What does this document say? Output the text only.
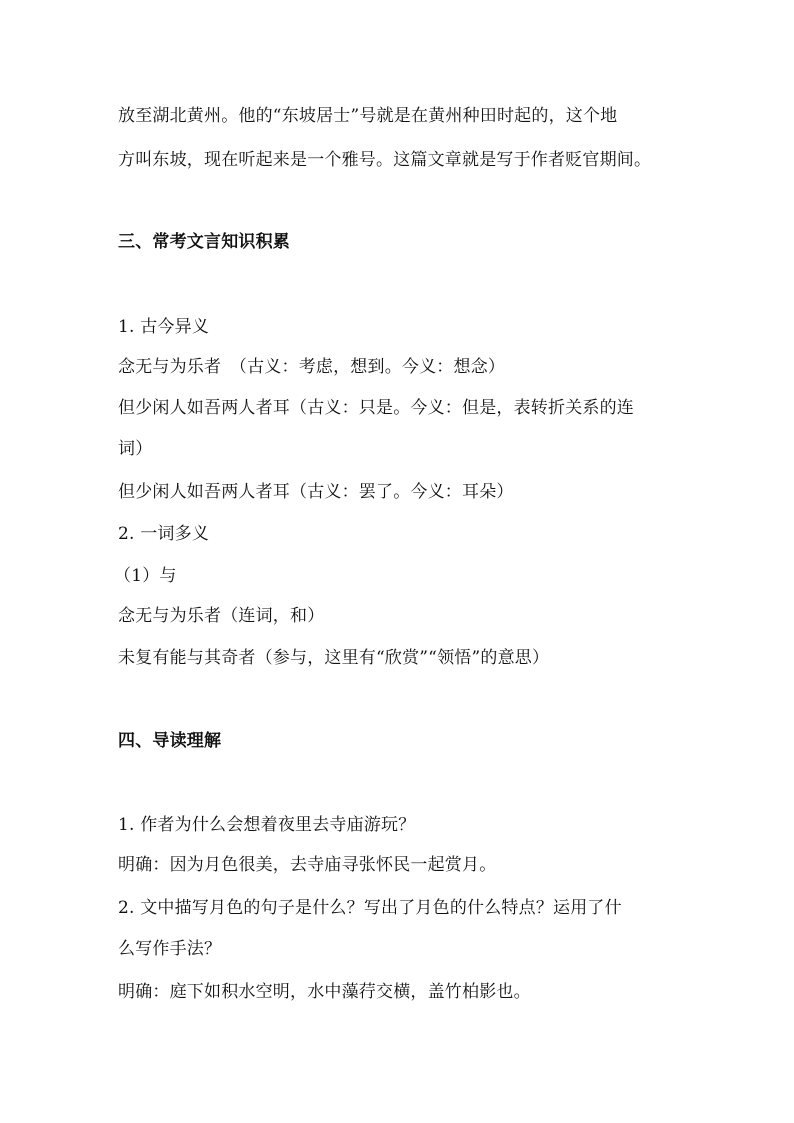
放至湖北黄州。他的“东坡居士”号就是在黄州种田时起的，这个地
方叫东坡，现在听起来是一个雅号。这篇文章就是写于作者贬官期间。
三、常考文言知识积累
1. 古今异义
念无与为乐者　（古义：考虑，想到。今义：想念）
但少闲人如吾两人者耳（古义：只是。今义：但是，表转折关系的连
词）
但少闲人如吾两人者耳（古义：罢了。今义：耳朵）
2. 一词多义
（1）与
念无与为乐者（连词，和）
未复有能与其奇者（参与，这里有“欣赏”“领悟”的意思）
四、导读理解
1. 作者为什么会想着夜里去寺庙游玩？
明确：因为月色很美，去寺庙寻张怀民一起赏月。
2. 文中描写月色的句子是什么？写出了月色的什么特点？运用了什
么写作手法？
明确：庭下如积水空明，水中藻荇交横，盖竹柏影也。
